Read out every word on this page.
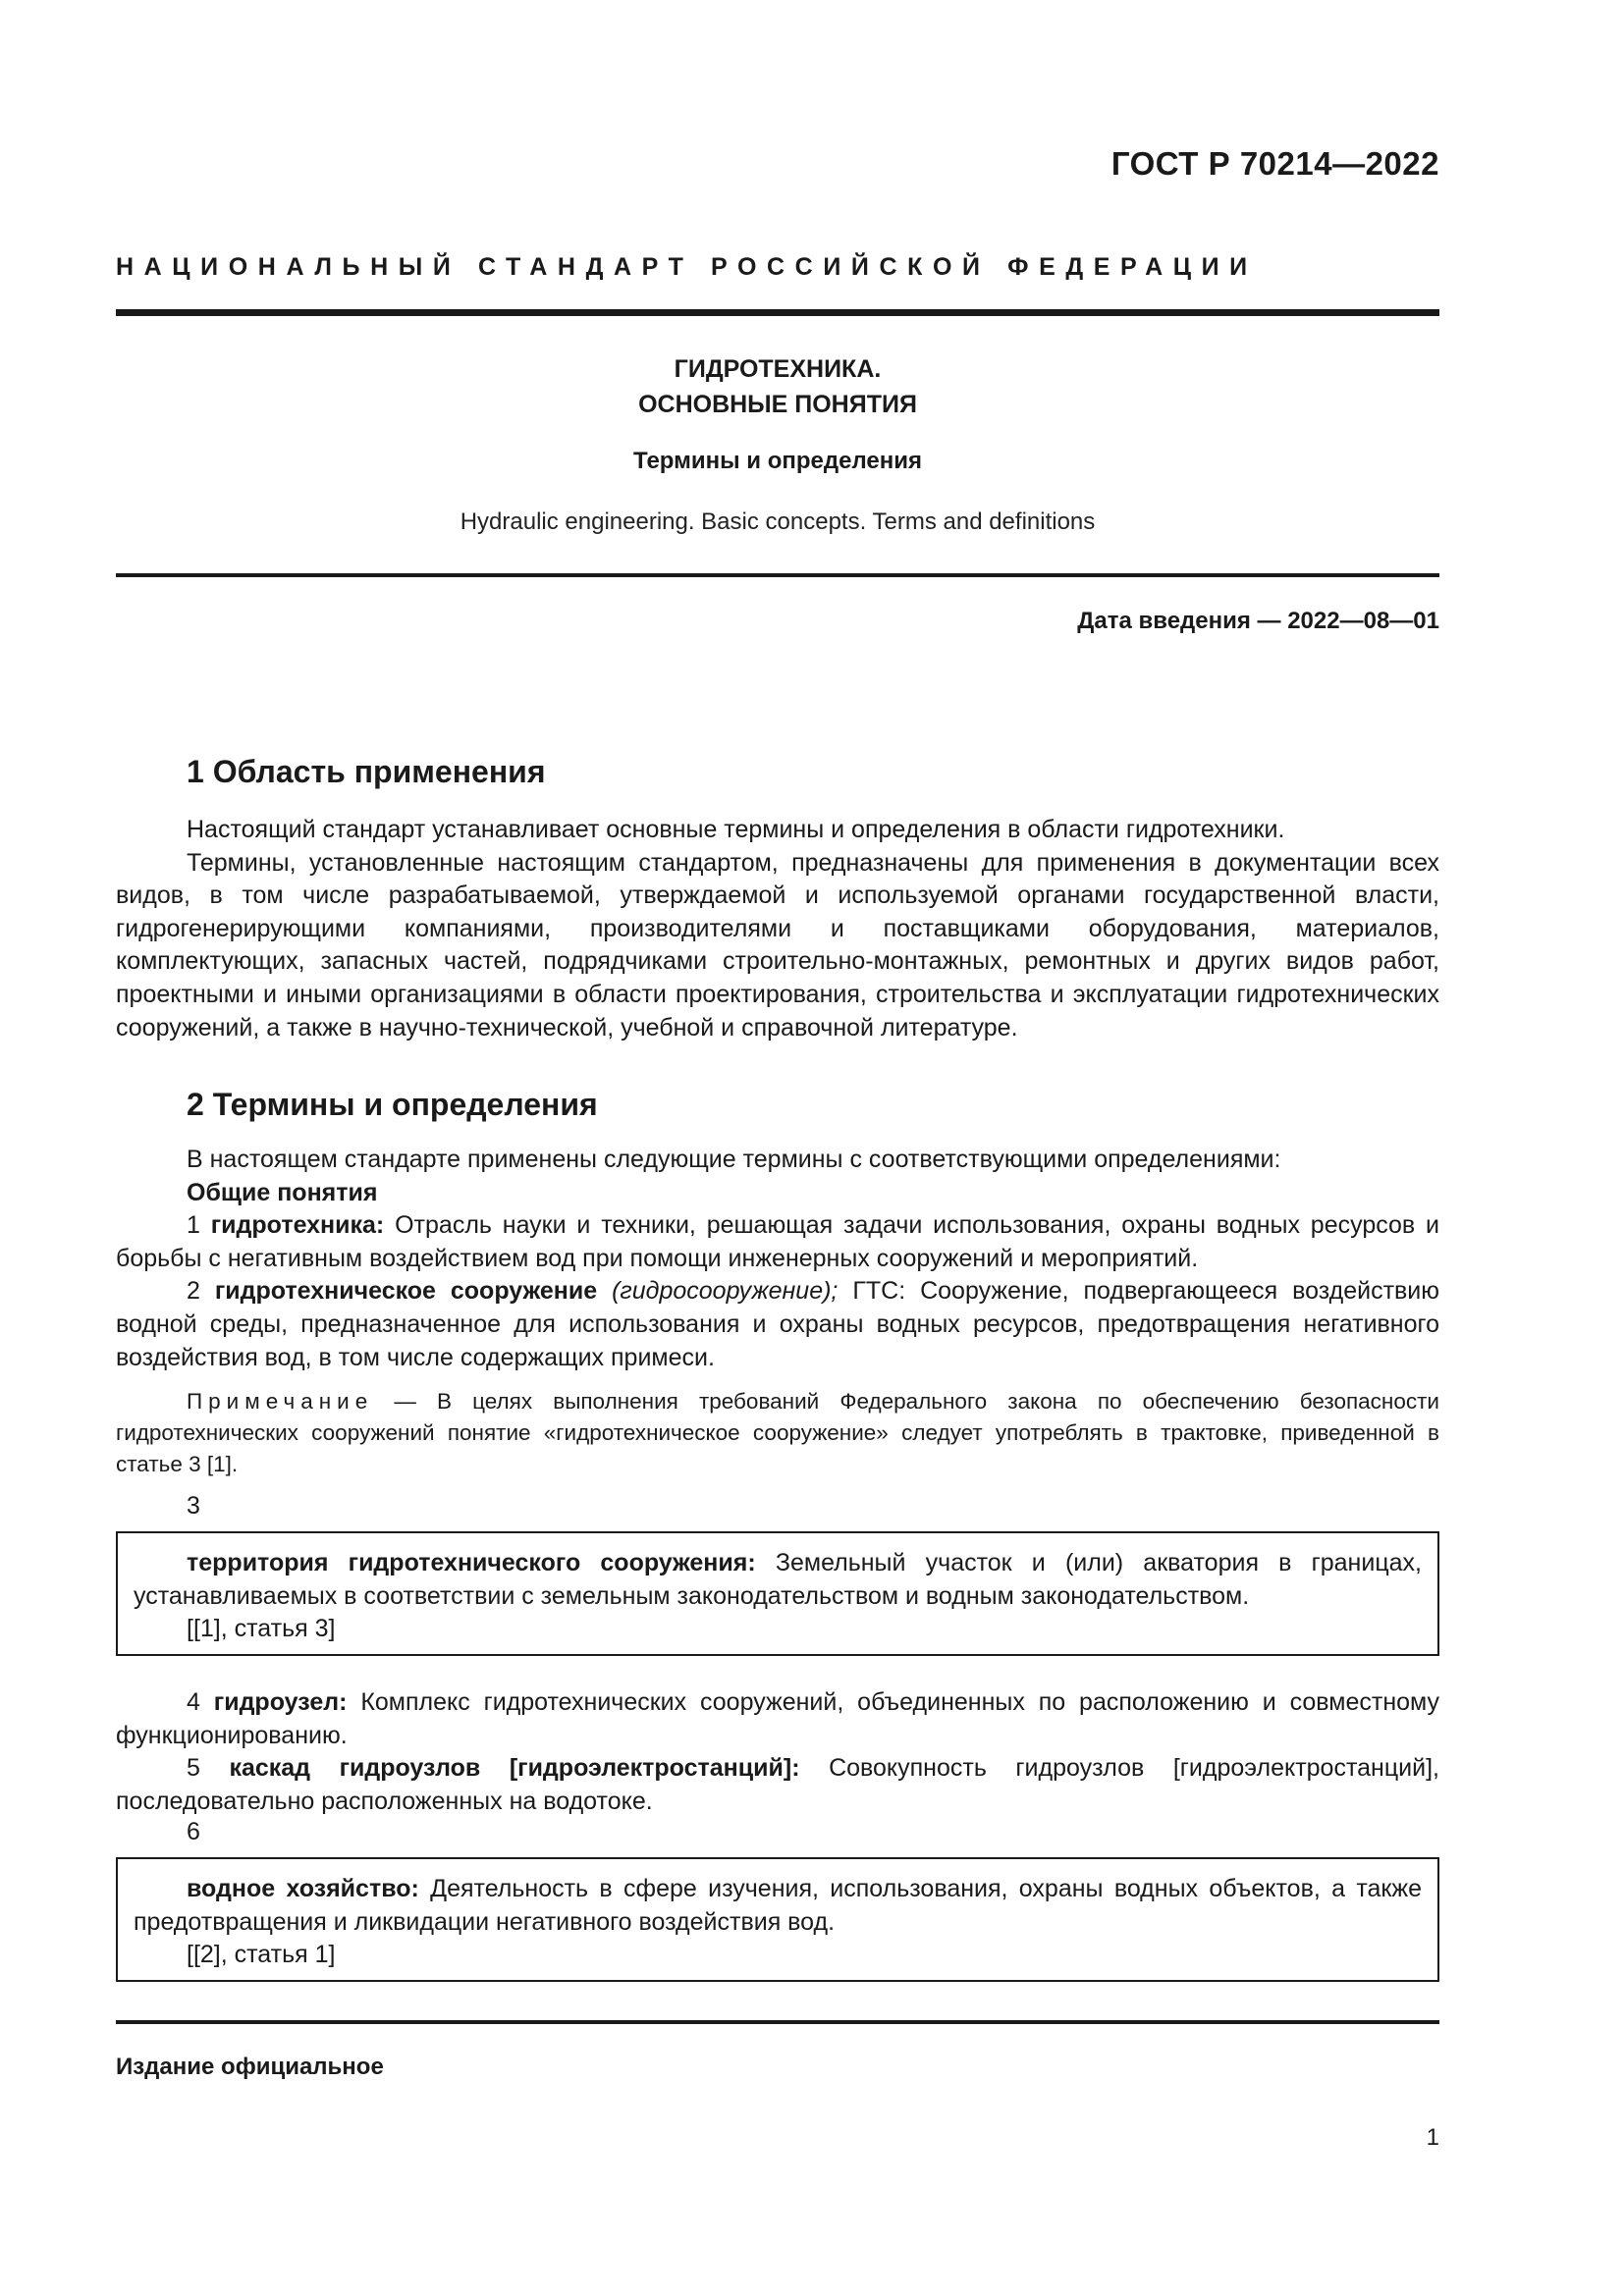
ГОСТ Р 70214—2022
НАЦИОНАЛЬНЫЙ СТАНДАРТ РОССИЙСКОЙ ФЕДЕРАЦИИ
ГИДРОТЕХНИКА.
ОСНОВНЫЕ ПОНЯТИЯ
Термины и определения
Hydraulic engineering. Basic concepts. Terms and definitions
Дата введения — 2022—08—01
1 Область применения

Настоящий стандарт устанавливает основные термины и определения в области гидротехники.

Термины, установленные настоящим стандартом, предназначены для применения в документации всех видов, в том числе разрабатываемой, утверждаемой и используемой органами государственной власти, гидрогенерирующими компаниями, производителями и поставщиками оборудования, материалов, комплектующих, запасных частей, подрядчиками строительно-монтажных, ремонтных и других видов работ, проектными и иными организациями в области проектирования, строительства и эксплуатации гидротехнических сооружений, а также в научно-технической, учебной и справочной литературе.

2 Термины и определения

В настоящем стандарте применены следующие термины с соответствующими определениями:

Общие понятия

1 гидротехника: Отрасль науки и техники, решающая задачи использования, охраны водных ресурсов и борьбы с негативным воздействием вод при помощи инженерных сооружений и мероприятий.

2 гидротехническое сооружение (гидросооружение); ГТС: Сооружение, подвергающееся воздействию водной среды, предназначенное для использования и охраны водных ресурсов, предотвращения негативного воздействия вод, в том числе содержащих примеси.

Примечание — В целях выполнения требований Федерального закона по обеспечению безопасности гидротехнических сооружений понятие «гидротехническое сооружение» следует употреблять в трактовке, приведенной в статье 3 [1].

3

территория гидротехнического сооружения: Земельный участок и (или) акватория в границах, устанавливаемых в соответствии с земельным законодательством и водным законодательством.

[[1], статья 3]

4 гидроузел: Комплекс гидротехнических сооружений, объединенных по расположению и совместному функционированию.

5 каскад гидроузлов [гидроэлектростанций]: Совокупность гидроузлов [гидроэлектростанций], последовательно расположенных на водотоке.

6

водное хозяйство: Деятельность в сфере изучения, использования, охраны водных объектов, а также предотвращения и ликвидации негативного воздействия вод.

[[2], статья 1]

Издание официальное
1
